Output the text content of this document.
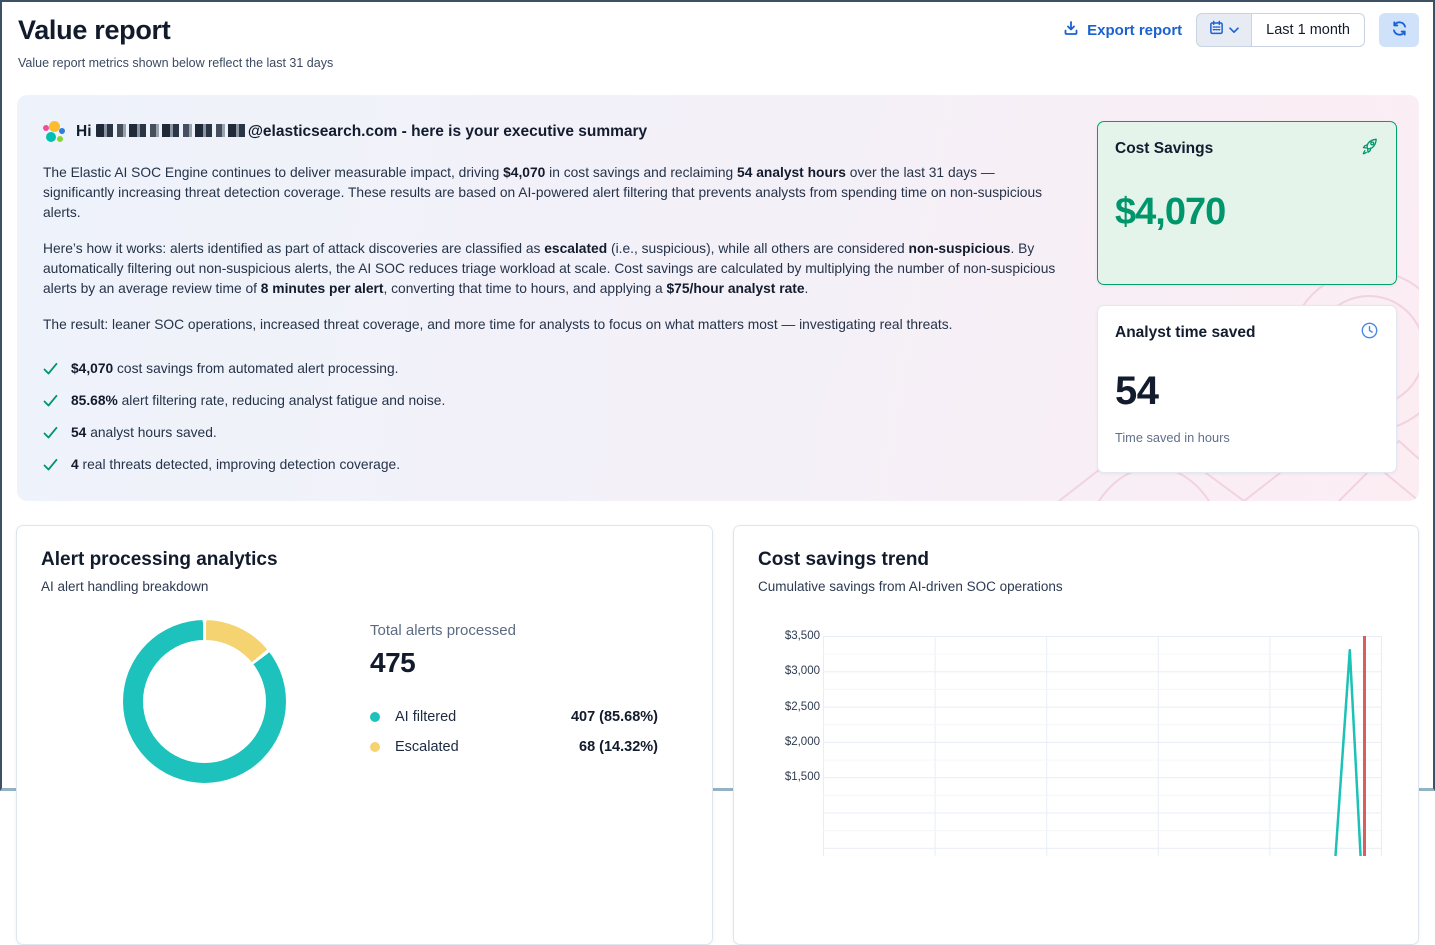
Value report
Value report metrics shown below reflect the last 31 days
Export report	Last 1 month
Hi	@elasticsearch.com - here is your executive summary

The Elastic AI SOC Engine continues to deliver measurable impact, driving $4,070 in cost savings and reclaiming 54 analyst hours over the last 31 days — significantly increasing threat detection coverage. These results are based on AI-powered alert filtering that prevents analysts from spending time on non-suspicious alerts.

Here’s how it works: alerts identified as part of attack discoveries are classified as escalated (i.e., suspicious), while all others are considered non-suspicious. By automatically filtering out non-suspicious alerts, the AI SOC reduces triage workload at scale. Cost savings are calculated by multiplying the number of non-suspicious alerts by an average review time of 8 minutes per alert, converting that time to hours, and applying a $75/hour analyst rate.

The result: leaner SOC operations, increased threat coverage, and more time for analysts to focus on what matters most — investigating real threats.

$4,070 cost savings from automated alert processing.
85.68% alert filtering rate, reducing analyst fatigue and noise.
54 analyst hours saved.
4 real threats detected, improving detection coverage.
Cost Savings
$4,070
Analyst time saved
54
Time saved in hours
Alert processing analytics
AI alert handling breakdown
Total alerts processed
475
AI filtered	407 (85.68%)
Escalated	68 (14.32%)
Cost savings trend
Cumulative savings from AI-driven SOC operations
$3,500
$3,000
$2,500
$2,000
$1,500
